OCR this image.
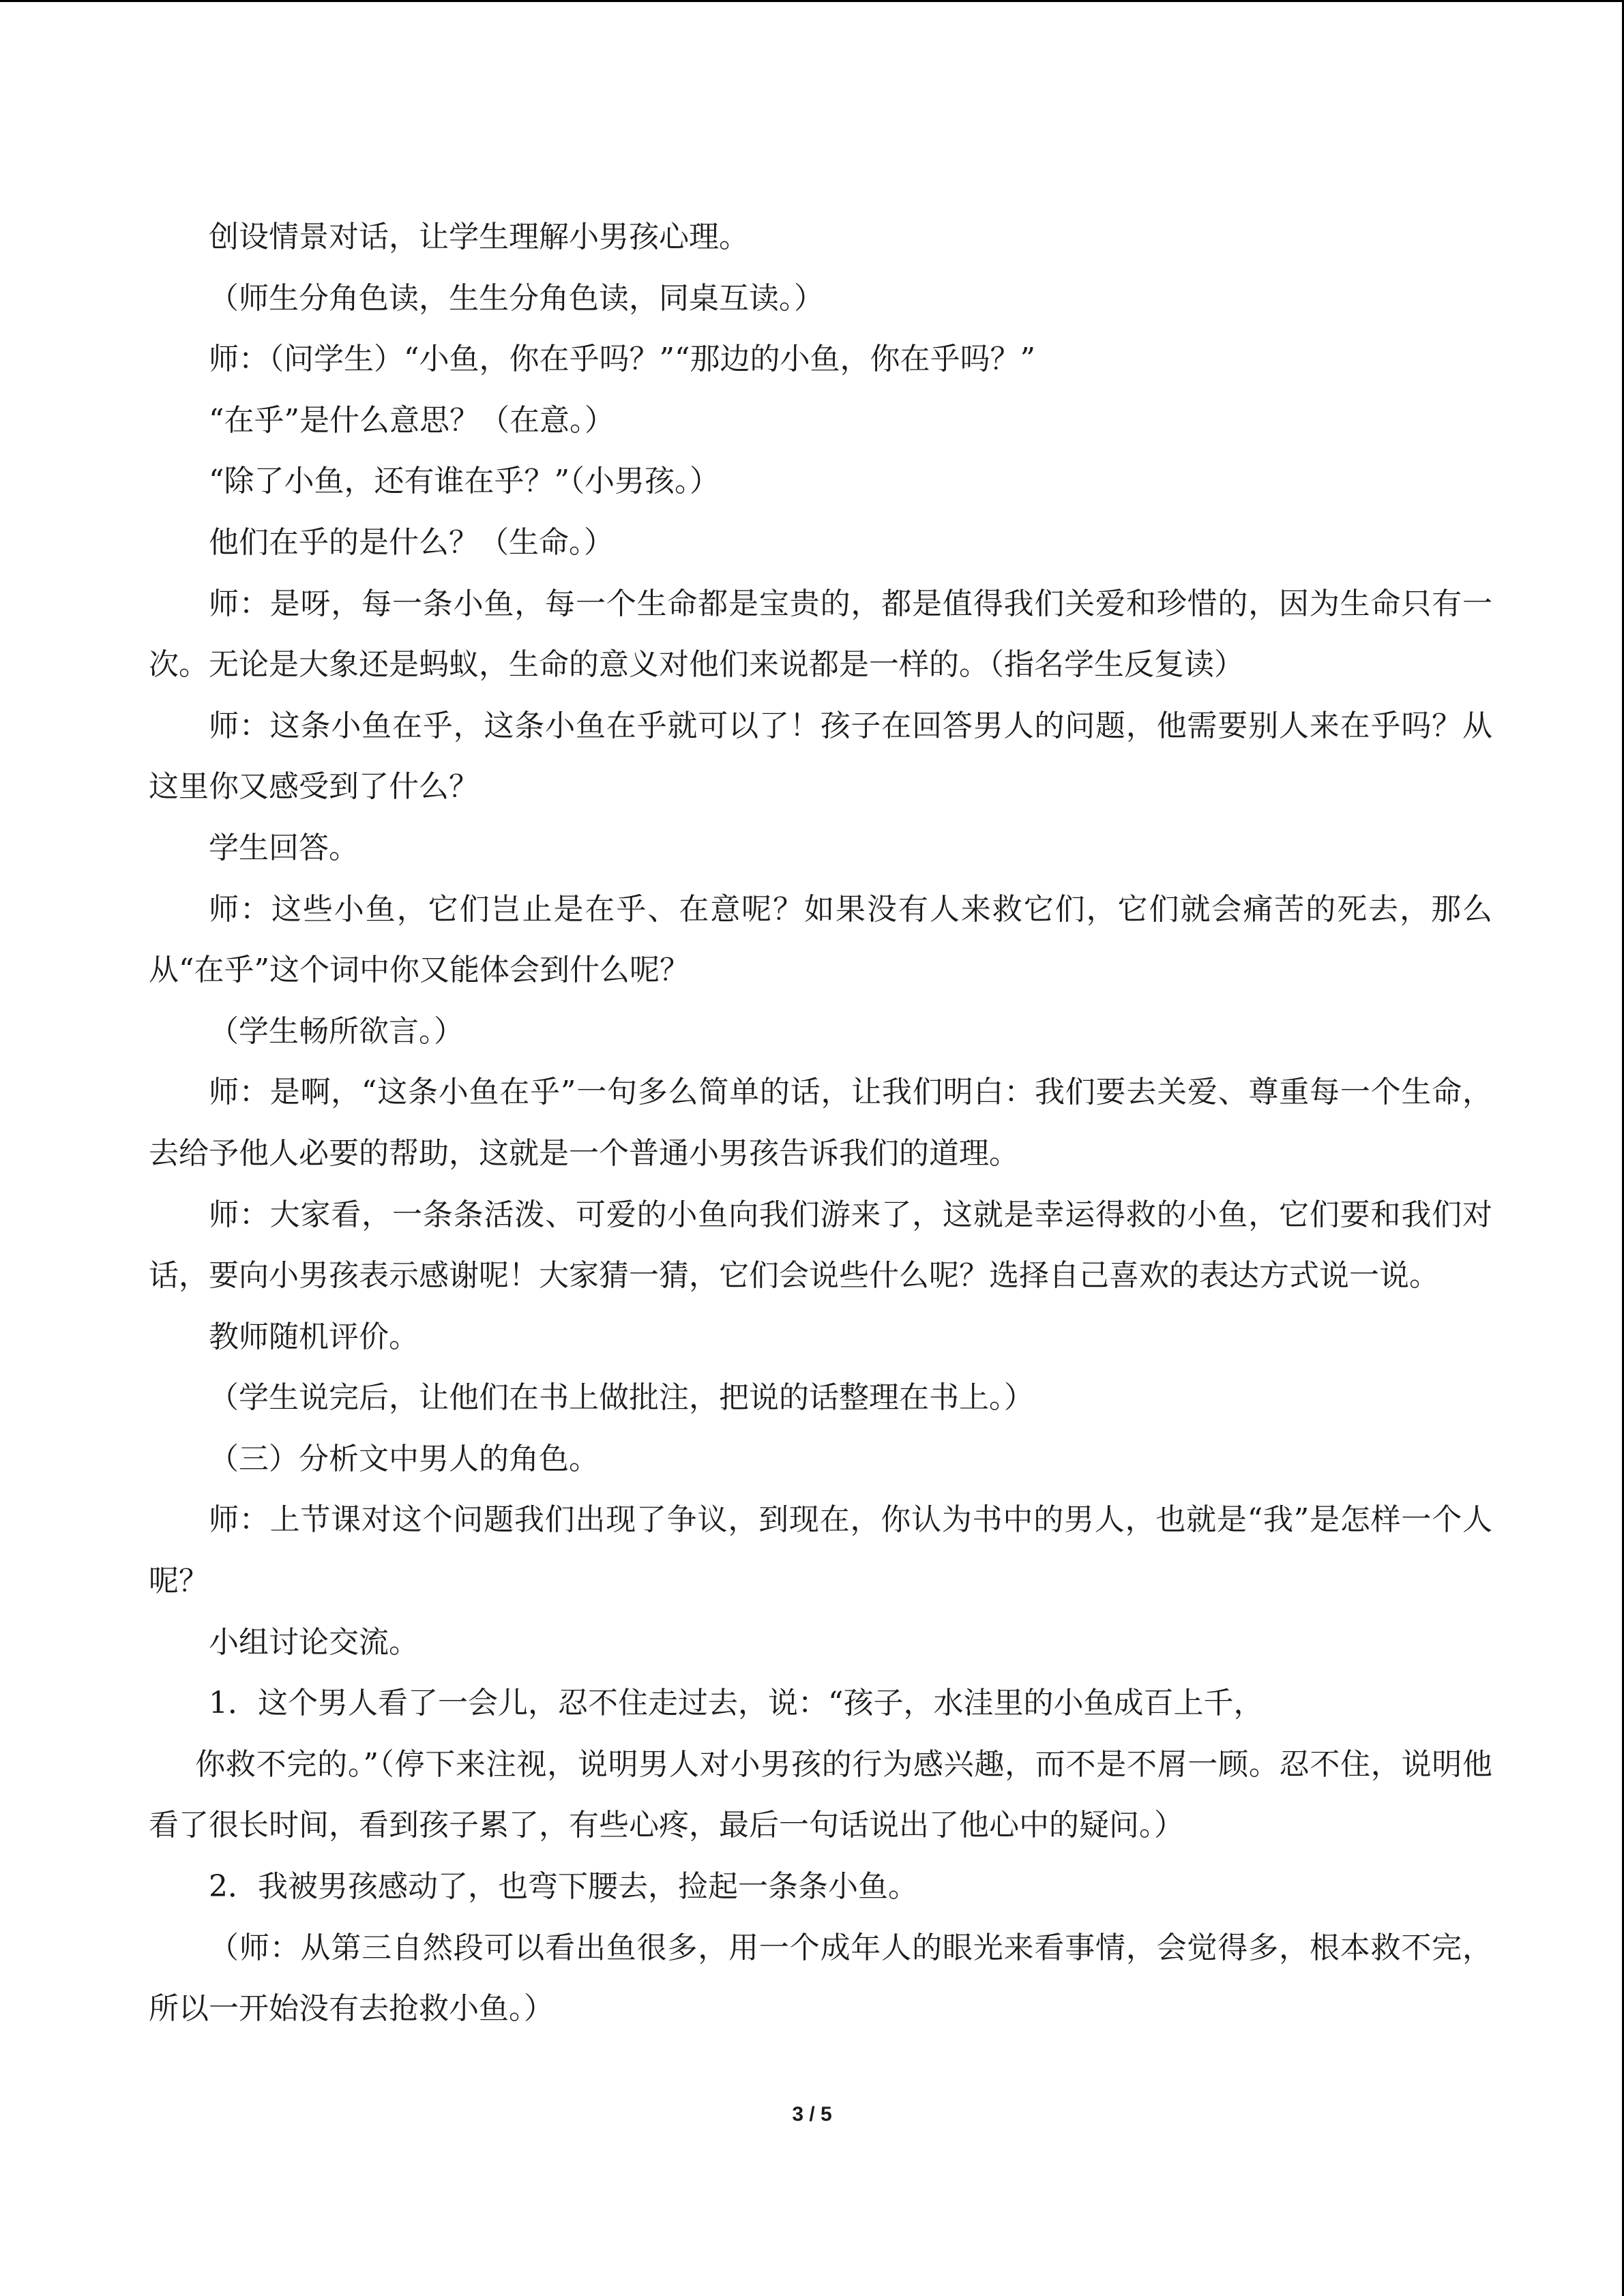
创设情景对话，让学生理解小男孩心理。

（师生分角色读，生生分角色读，同桌互读。）

师：（问学生）“小鱼，你在乎吗？”“那边的小鱼，你在乎吗？”

“在乎”是什么意思？（在意。）

“除了小鱼，还有谁在乎？”（小男孩。）

他们在乎的是什么？（生命。）

师：是呀，每一条小鱼，每一个生命都是宝贵的，都是值得我们关爱和珍惜的，因为生命只有一次。无论是大象还是蚂蚁，生命的意义对他们来说都是一样的。（指名学生反复读）

师：这条小鱼在乎，这条小鱼在乎就可以了！孩子在回答男人的问题，他需要别人来在乎吗？从这里你又感受到了什么？

学生回答。

师：这些小鱼，它们岂止是在乎、在意呢？如果没有人来救它们，它们就会痛苦的死去，那么从“在乎”这个词中你又能体会到什么呢？

（学生畅所欲言。）

师：是啊，“这条小鱼在乎”一句多么简单的话，让我们明白：我们要去关爱、尊重每一个生命，去给予他人必要的帮助，这就是一个普通小男孩告诉我们的道理。

师：大家看，一条条活泼、可爱的小鱼向我们游来了，这就是幸运得救的小鱼，它们要和我们对话，要向小男孩表示感谢呢！大家猜一猜，它们会说些什么呢？选择自己喜欢的表达方式说一说。

教师随机评价。

（学生说完后，让他们在书上做批注，把说的话整理在书上。）

（三）分析文中男人的角色。

师：上节课对这个问题我们出现了争议，到现在，你认为书中的男人，也就是“我”是怎样一个人呢？

小组讨论交流。

1．这个男人看了一会儿，忍不住走过去，说：“孩子，水洼里的小鱼成百上千，

你救不完的。”（停下来注视，说明男人对小男孩的行为感兴趣，而不是不屑一顾。忍不住，说明他看了很长时间，看到孩子累了，有些心疼，最后一句话说出了他心中的疑问。）

2．我被男孩感动了，也弯下腰去，捡起一条条小鱼。

（师：从第三自然段可以看出鱼很多，用一个成年人的眼光来看事情，会觉得多，根本救不完，所以一开始没有去抢救小鱼。）

3 / 5
